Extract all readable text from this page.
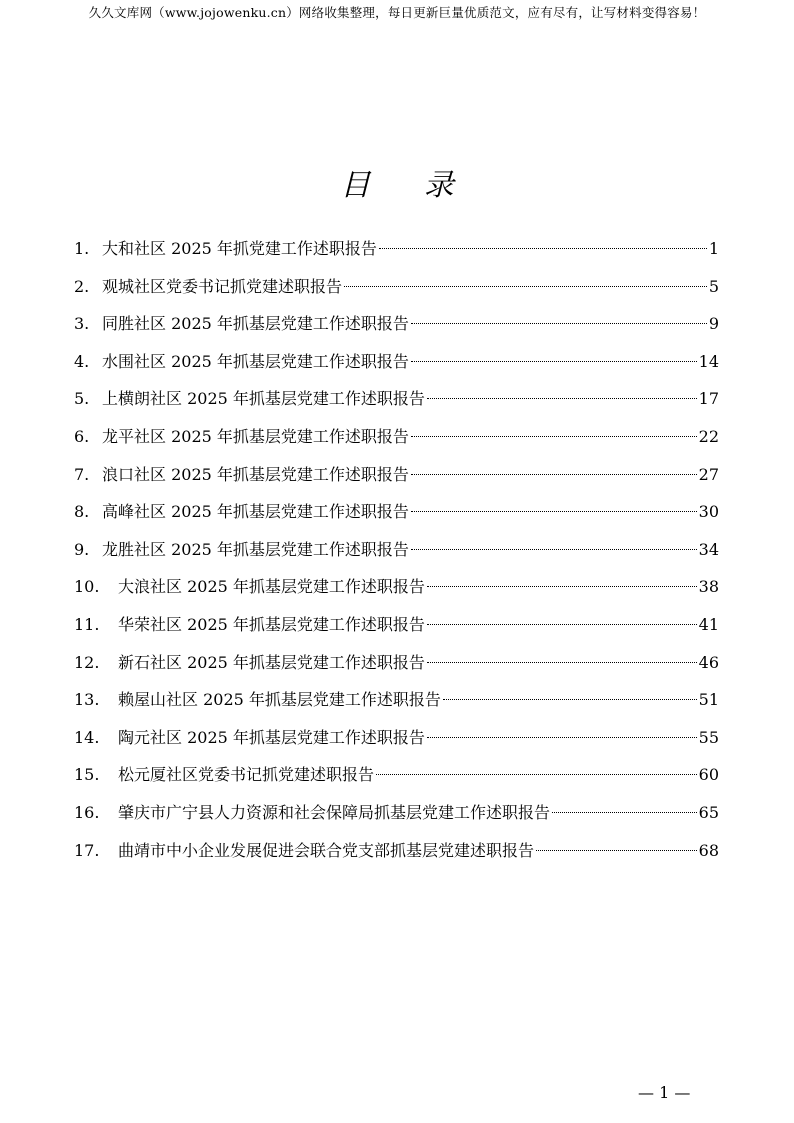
久久文库网（www.jojowenku.cn）网络收集整理，每日更新巨量优质范文，应有尽有，让写材料变得容易！
目 录
1. 大和社区 2025 年抓党建工作述职报告	1
2. 观城社区党委书记抓党建述职报告	5
3. 同胜社区 2025 年抓基层党建工作述职报告	9
4. 水围社区 2025 年抓基层党建工作述职报告	14
5. 上横朗社区 2025 年抓基层党建工作述职报告	17
6. 龙平社区 2025 年抓基层党建工作述职报告	22
7. 浪口社区 2025 年抓基层党建工作述职报告	27
8. 高峰社区 2025 年抓基层党建工作述职报告	30
9. 龙胜社区 2025 年抓基层党建工作述职报告	34
10.	大浪社区 2025 年抓基层党建工作述职报告	38
11.	华荣社区 2025 年抓基层党建工作述职报告	41
12.	新石社区 2025 年抓基层党建工作述职报告	46
13.	赖屋山社区 2025 年抓基层党建工作述职报告	51
14.	陶元社区 2025 年抓基层党建工作述职报告	55
15.	松元厦社区党委书记抓党建述职报告	60
16.	肇庆市广宁县人力资源和社会保障局抓基层党建工作述职报告	65
17.	曲靖市中小企业发展促进会联合党支部抓基层党建述职报告	68
— 1 —
